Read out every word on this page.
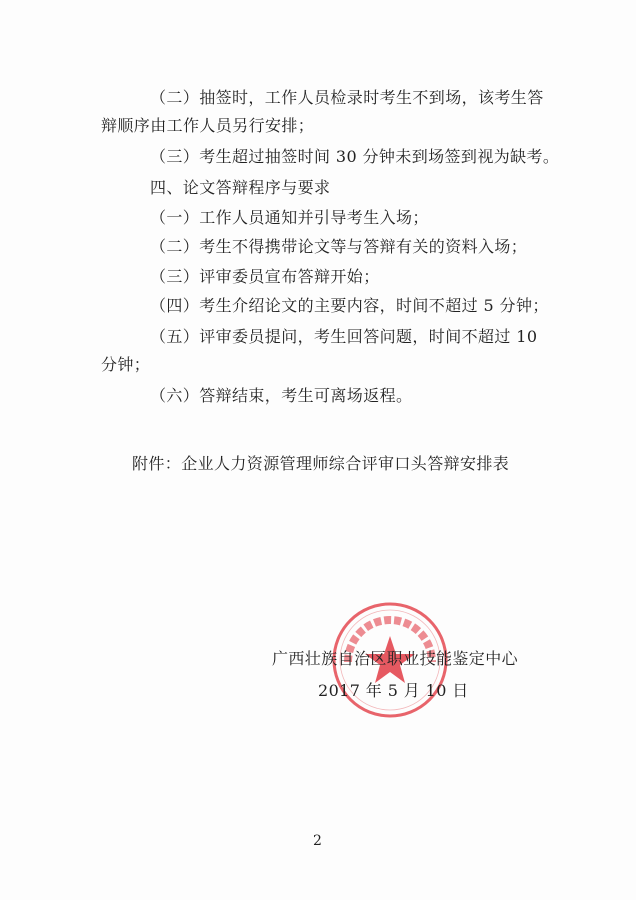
（二）抽签时，工作人员检录时考生不到场，该考生答
辩顺序由工作人员另行安排；
（三）考生超过抽签时间 30 分钟未到场签到视为缺考。
四、论文答辩程序与要求
（一）工作人员通知并引导考生入场；
（二）考生不得携带论文等与答辩有关的资料入场；
（三）评审委员宣布答辩开始；
（四）考生介绍论文的主要内容，时间不超过 5 分钟；
（五）评审委员提问，考生回答问题，时间不超过 10
分钟；
（六）答辩结束，考生可离场返程。
附件：企业人力资源管理师综合评审口头答辩安排表
广西壮族自治区职业技能鉴定中心
2017 年 5 月 10 日
2
